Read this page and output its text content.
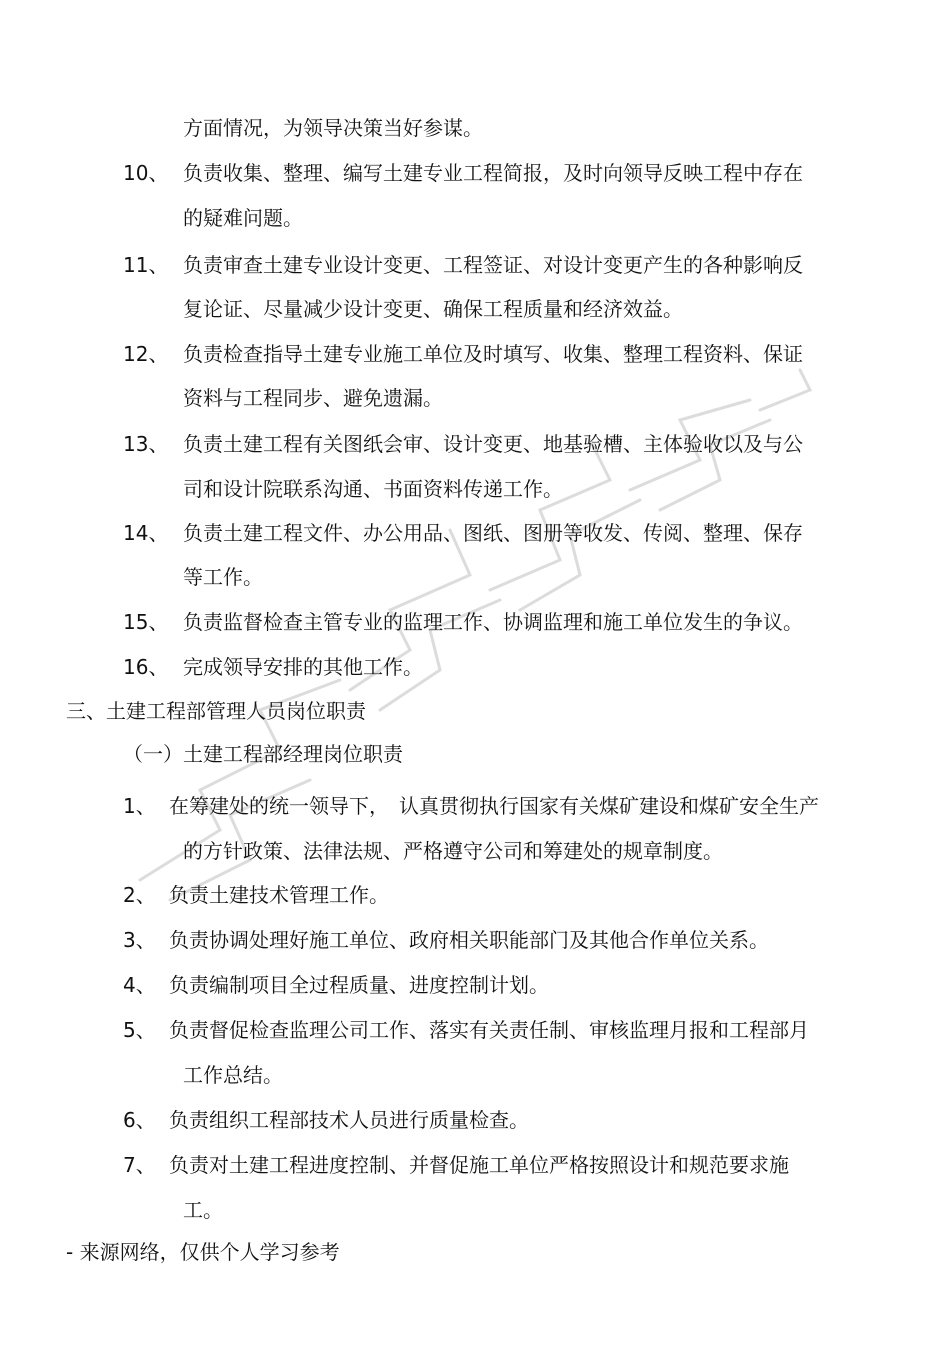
方面情况，为领导决策当好参谋。
10、 负责收集、整理、编写土建专业工程简报，及时向领导反映工程中存在
的疑难问题。
11、 负责审查土建专业设计变更、工程签证、对设计变更产生的各种影响反
复论证、尽量减少设计变更、确保工程质量和经济效益。
12、 负责检查指导土建专业施工单位及时填写、收集、整理工程资料、保证
资料与工程同步、避免遗漏。
13、 负责土建工程有关图纸会审、设计变更、地基验槽、主体验收以及与公
司和设计院联系沟通、书面资料传递工作。
14、 负责土建工程文件、办公用品、图纸、图册等收发、传阅、整理、保存
等工作。
15、 负责监督检查主管专业的监理工作、协调监理和施工单位发生的争议。
16、 完成领导安排的其他工作。
三、土建工程部管理人员岗位职责
（一）土建工程部经理岗位职责
1、 在筹建处的统一领导下，　认真贯彻执行国家有关煤矿建设和煤矿安全生产
的方针政策、法律法规、严格遵守公司和筹建处的规章制度。
2、 负责土建技术管理工作。
3、 负责协调处理好施工单位、政府相关职能部门及其他合作单位关系。
4、 负责编制项目全过程质量、进度控制计划。
5、 负责督促检查监理公司工作、落实有关责任制、审核监理月报和工程部月
工作总结。
6、 负责组织工程部技术人员进行质量检查。
7、 负责对土建工程进度控制、并督促施工单位严格按照设计和规范要求施
工。
- 来源网络，仅供个人学习参考
